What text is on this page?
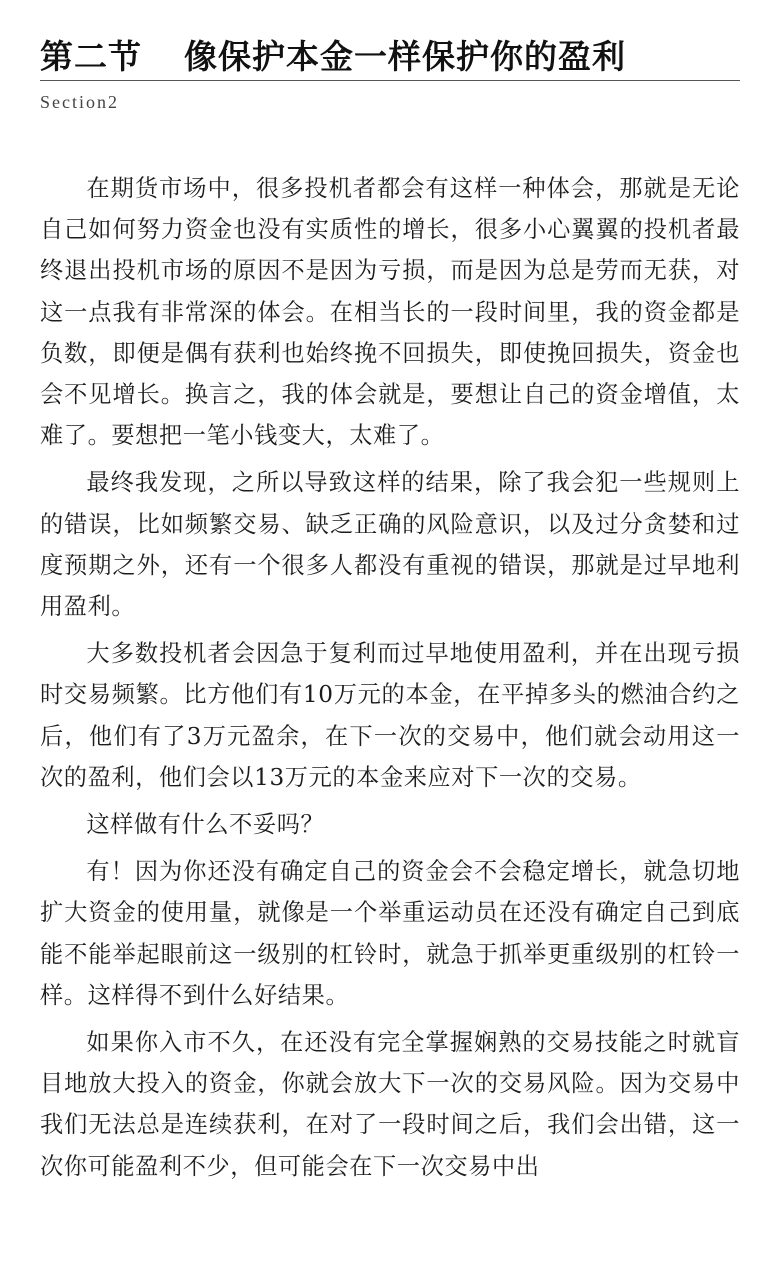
第二节 像保护本金一样保护你的盈利
Section2

在期货市场中，很多投机者都会有这样一种体会，那就是无论自己如何努力资金也没有实质性的增长，很多小心翼翼的投机者最终退出投机市场的原因不是因为亏损，而是因为总是劳而无获，对这一点我有非常深的体会。在相当长的一段时间里，我的资金都是负数，即便是偶有获利也始终挽不回损失，即使挽回损失，资金也会不见增长。换言之，我的体会就是，要想让自己的资金增值，太难了。要想把一笔小钱变大，太难了。

最终我发现，之所以导致这样的结果，除了我会犯一些规则上的错误，比如频繁交易、缺乏正确的风险意识，以及过分贪婪和过度预期之外，还有一个很多人都没有重视的错误，那就是过早地利用盈利。

大多数投机者会因急于复利而过早地使用盈利，并在出现亏损时交易频繁。比方他们有10万元的本金，在平掉多头的燃油合约之后，他们有了3万元盈余，在下一次的交易中，他们就会动用这一次的盈利，他们会以13万元的本金来应对下一次的交易。

这样做有什么不妥吗？

有！因为你还没有确定自己的资金会不会稳定增长，就急切地扩大资金的使用量，就像是一个举重运动员在还没有确定自己到底能不能举起眼前这一级别的杠铃时，就急于抓举更重级别的杠铃一样。这样得不到什么好结果。

如果你入市不久，在还没有完全掌握娴熟的交易技能之时就盲目地放大投入的资金，你就会放大下一次的交易风险。因为交易中我们无法总是连续获利，在对了一段时间之后，我们会出错，这一次你可能盈利不少，但可能会在下一次交易中出
